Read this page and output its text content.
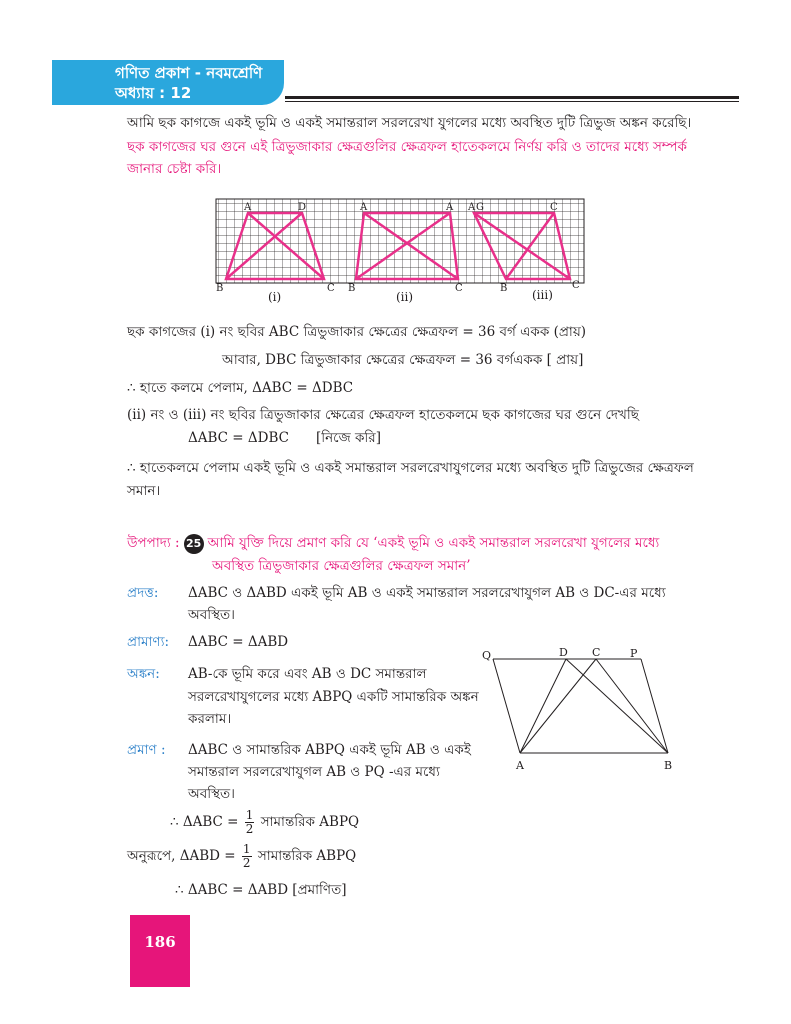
গণিত প্রকাশ - নবমশ্রেণি
অধ্যায় : 12
আমি ছক কাগজে একই ভূমি ও একই সমান্তরাল সরলরেখা যুগলের মধ্যে অবস্থিত দুটি ত্রিভুজ অঙ্কন করেছি।
ছক কাগজের ঘর গুনে এই ত্রিভুজাকার ক্ষেত্রগুলির ক্ষেত্রফল হাতেকলমে নির্ণয় করি ও তাদের মধ্যে সম্পর্ক
জানার চেষ্টা করি।
A	D
B	C
(i)
A	A
B	C
(ii)
A G	C
B	C
(iii)
ছক কাগজের (i) নং ছবির ABC ত্রিভুজাকার ক্ষেত্রের ক্ষেত্রফল = 36 বর্গ একক (প্রায়)
আবার, DBC ত্রিভুজাকার ক্ষেত্রের ক্ষেত্রফল = 36 বর্গএকক [ প্রায়]
∴ হাতে কলমে পেলাম, ΔABC = ΔDBC
(ii) নং ও (iii) নং ছবির ত্রিভুজাকার ক্ষেত্রের ক্ষেত্রফল হাতেকলমে ছক কাগজের ঘর গুনে দেখছি
ΔABC = ΔDBC [নিজে করি]
∴ হাতেকলমে পেলাম একই ভূমি ও একই সমান্তরাল সরলরেখাযুগলের মধ্যে অবস্থিত দুটি ত্রিভুজের ক্ষেত্রফল
সমান।
উপপাদ্য : 25 আমি যুক্তি দিয়ে প্রমাণ করি যে ‘একই ভূমি ও একই সমান্তরাল সরলরেখা যুগলের মধ্যে
অবস্থিত ত্রিভুজাকার ক্ষেত্রগুলির ক্ষেত্রফল সমান’
প্রদত্ত: ΔABC ও ΔABD একই ভূমি AB ও একই সমান্তরাল সরলরেখাযুগল AB ও DC-এর মধ্যে
অবস্থিত।
প্রামাণ্য: ΔABC = ΔABD
অঙ্কন: AB-কে ভূমি করে এবং AB ও DC সমান্তরাল
সরলরেখাযুগলের মধ্যে ABPQ একটি সামান্তরিক অঙ্কন
করলাম।
Q	D C	P
A	B
প্রমাণ : ΔABC ও সামান্তরিক ABPQ একই ভূমি AB ও একই
সমান্তরাল সরলরেখাযুগল AB ও PQ -এর মধ্যে
অবস্থিত।
∴ $\Delta ABC = \frac{1}{2}$ সামান্তরিক ABPQ
অনুরূপে, $\Delta ABD = \frac{1}{2}$ সামান্তরিক ABPQ
∴ ΔABC = ΔABD [প্রমাণিত]
186
